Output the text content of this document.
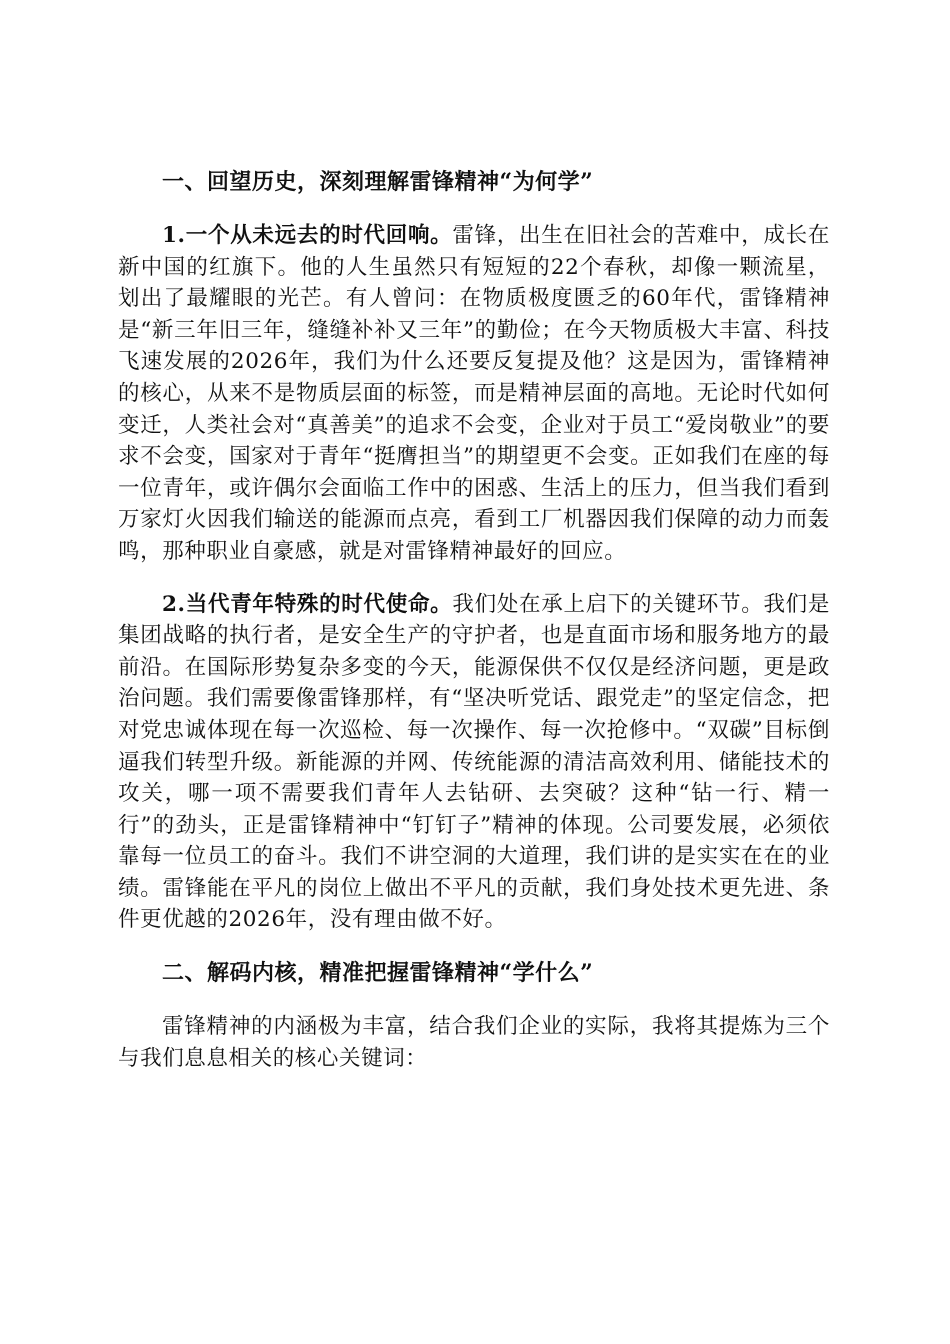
一、回望历史，深刻理解雷锋精神“为何学”

1.一个从未远去的时代回响。雷锋，出生在旧社会的苦难中，成长在新中国的红旗下。他的人生虽然只有短短的22个春秋，却像一颗流星，划出了最耀眼的光芒。有人曾问：在物质极度匮乏的60年代，雷锋精神是“新三年旧三年，缝缝补补又三年”的勤俭；在今天物质极大丰富、科技飞速发展的2026年，我们为什么还要反复提及他？这是因为，雷锋精神的核心，从来不是物质层面的标签，而是精神层面的高地。无论时代如何变迁，人类社会对“真善美”的追求不会变，企业对于员工“爱岗敬业”的要求不会变，国家对于青年“挺膺担当”的期望更不会变。正如我们在座的每一位青年，或许偶尔会面临工作中的困惑、生活上的压力，但当我们看到万家灯火因我们输送的能源而点亮，看到工厂机器因我们保障的动力而轰鸣，那种职业自豪感，就是对雷锋精神最好的回应。

2.当代青年特殊的时代使命。我们处在承上启下的关键环节。我们是集团战略的执行者，是安全生产的守护者，也是直面市场和服务地方的最前沿。在国际形势复杂多变的今天，能源保供不仅仅是经济问题，更是政治问题。我们需要像雷锋那样，有“坚决听党话、跟党走”的坚定信念，把对党忠诚体现在每一次巡检、每一次操作、每一次抢修中。“双碳”目标倒逼我们转型升级。新能源的并网、传统能源的清洁高效利用、储能技术的攻关，哪一项不需要我们青年人去钻研、去突破？这种“钻一行、精一行”的劲头，正是雷锋精神中“钉钉子”精神的体现。公司要发展，必须依靠每一位员工的奋斗。我们不讲空洞的大道理，我们讲的是实实在在的业绩。雷锋能在平凡的岗位上做出不平凡的贡献，我们身处技术更先进、条件更优越的2026年，没有理由做不好。

二、解码内核，精准把握雷锋精神“学什么”

雷锋精神的内涵极为丰富，结合我们企业的实际，我将其提炼为三个与我们息息相关的核心关键词：
